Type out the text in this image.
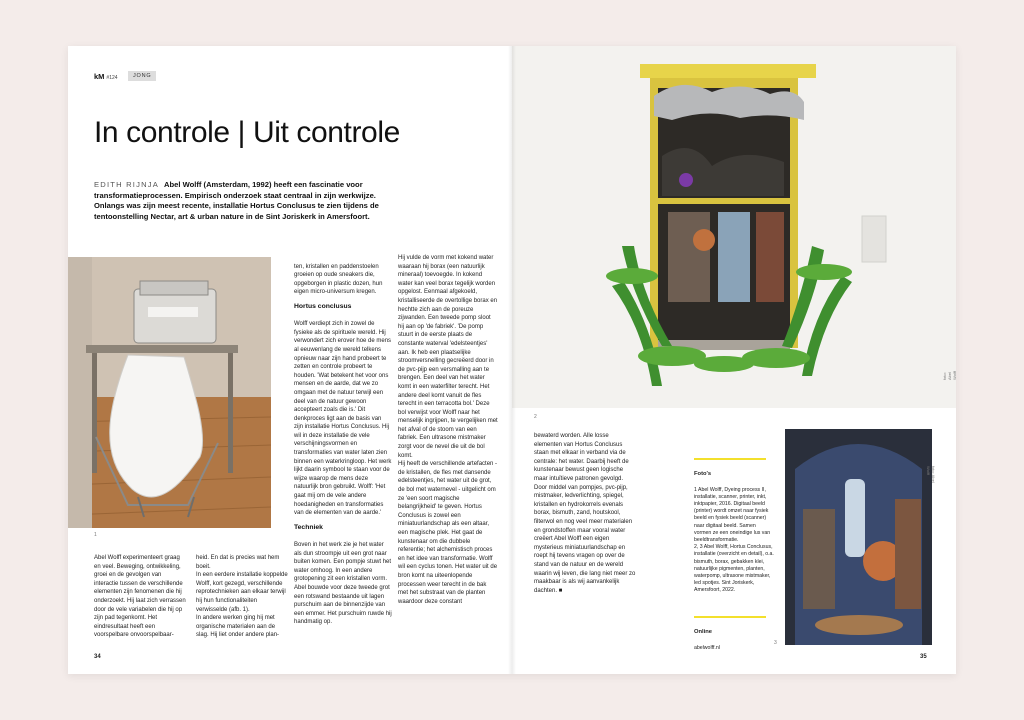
kM #124	JONG
In controle | Uit controle
EDITH RIJNJA Abel Wolff (Amsterdam, 1992) heeft een fascinatie voor transformatieprocessen. Empirisch onderzoek staat centraal in zijn werkwijze. Onlangs was zijn meest recente, installatie Hortus Conclusus te zien tijdens de tentoonstelling Nectar, art & urban nature in de Sint Joriskerk in Amersfoort.
1
Abel Wolff experimenteert graag en veel. Beweging, ontwikkeling, groei en de gevolgen van interactie tussen de verschillende elementen zijn fenomenen die hij onderzoekt. Hij laat zich verrassen door de vele variabelen die hij op zijn pad tegenkomt. Het eindresultaat heeft een voorspelbare onvoorspelbaar-
heid. En dat is precies wat hem boeit.
In een eerdere installatie koppelde Wolff, kort gezegd, verschillende reprotechnieken aan elkaar terwijl hij hun functionaliteiten verwisselde (afb. 1).
In andere werken ging hij met organische materialen aan de slag. Hij liet onder andere plan-

ten, kristallen en paddenstoelen groeien op oude sneakers die, opgeborgen in plastic dozen, hun eigen micro-universum kregen.

Hortus conclusus

Wolff verdiept zich in zowel de fysieke als de spirituele wereld. Hij verwondert zich erover hoe de mens al eeuwenlang de wereld telkens opnieuw naar zijn hand probeert te zetten en controle probeert te houden. 'Wat betekent het voor ons mensen en de aarde, dat we zo omgaan met de natuur terwijl een deel van de natuur gewoon accepteert zoals die is.' Dit denkproces ligt aan de basis van zijn installatie Hortus Conclusus. Hij wil in deze installatie de vele verschijningsvormen en transformaties van water laten zien binnen een waterkringloop. Het werk lijkt daarin symbool te staan voor de wijze waarop de mens deze natuurlijk bron gebruikt. Wolff: 'Het gaat mij om de vele andere hoedanigheden en transformaties van de elementen van de aarde.'

Techniek

Boven in het werk zie je het water als dun stroompje uit een grot naar buiten komen. Een pompje stuwt het water omhoog. In een andere grotopening zit een kristallen vorm. Abel bouwde voor deze tweede grot een rotswand bestaande uit lagen purschuim aan de binnenzijde van een emmer. Het purschuim ruwde hij handmatig op.

Hij vulde de vorm met kokend water waaraan hij borax (een natuurlijk mineraal) toevoegde. In kokend water kan veel borax tegelijk worden opgelost. Eenmaal afgekoeld, kristalliseerde de overtollige borax en hechtte zich aan de poreuze zijwanden. Een tweede pomp sloot hij aan op 'de fabriek'. 'De pomp stuurt in de eerste plaats de constante waterval 'edelsteentjes' aan. Ik heb een plaatselijke stroomversnelling gecreëerd door in de pvc-pijp een versmalling aan te brengen. Een deel van het water komt in een waterfilter terecht. Het andere deel komt vanuit de fles terecht in een terracotta bol.' Deze bol verwijst voor Wolff naar het menselijk ingrijpen, te vergelijken met het afval of de stoom van een fabriek. Een ultrasone mistmaker zorgt voor de nevel die uit de bol komt.
Hij heeft de verschillende artefacten - de kristallen, de fles met dansende edelsteentjes, het water uit de grot, de bol met waternevel - uitgelicht om ze 'een soort magische belangrijkheid' te geven. Hortus Conclusus is zowel een miniatuurlandschap als een altaar, een magische plek. Het gaat de kunstenaar om die dubbele referentie; het alchemistisch proces en het idee van transformatie. Wolff wil een cyclus tonen. Het water uit de bron komt na uiteenlopende processen weer terecht in de bak met het substraat van de planten waardoor deze constant
34
2
foto: Abel Wolff
bewaterd worden. Alle losse elementen van Hortus Conclusus staan met elkaar in verband via de centrale: het water. Daarbij heeft de kunstenaar bewust geen logische maar intuïtieve patronen gevolgd.
Door middel van pompjes, pvc-pijp, mistmaker, ledverlichting, spiegel, kristallen en hydrokorrels evenals borax, bismuth, zand, houtskool, filterwol en nog veel meer materialen en grondstoffen maar vooral water creëert Abel Wolff een eigen mysterieus miniatuurlandschap en roept hij tevens vragen op over de stand van de natuur en de wereld waarin wij leven, die lang niet meer zo maakbaar is als wij aanvankelijk dachten. ■

Foto's

1 Abel Wolff, Dyeing process II, installatie, scanner, printer, inkt, inktpapier, 2016. Digitaal beeld (printer) wordt omzet naar fysiek beeld en fysiek beeld (scanner) naar digitaal beeld. Samen vormen ze een oneindige lus van beeldtransformatie.
2, 3 Abel Wolff, Hortus Conclusus, installatie (overzicht en detail), o.a. bismuth, borax, gebakken klei, natuurlijke pigmenten, planten, waterpomp, ultrasone mistmaker, led spotjes. Sint Joriskerk, Amersfoort, 2022.

Online

abelwolff.nl

3
foto: Abel Wolff
35
